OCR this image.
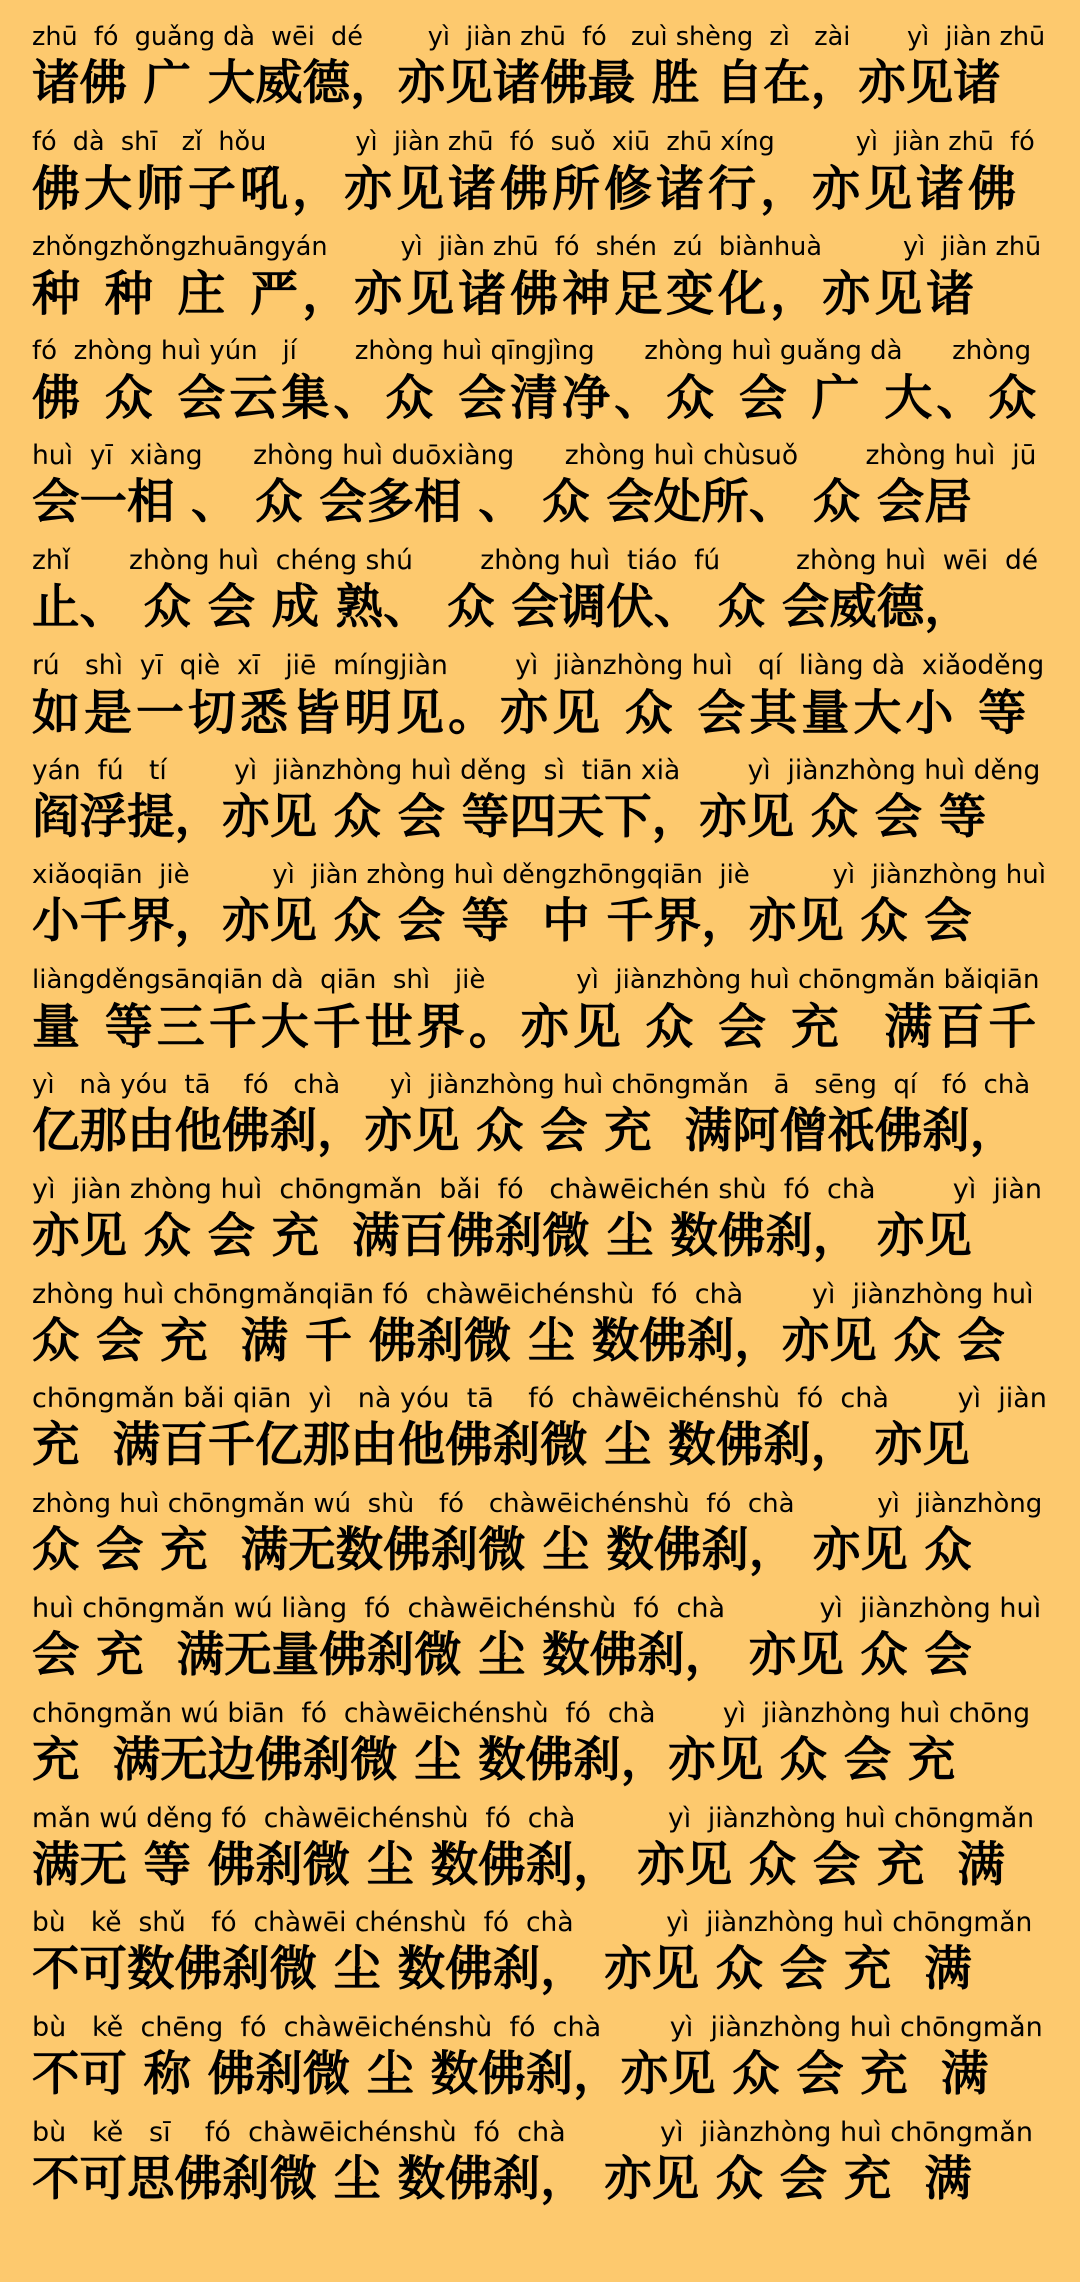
zhū  fó  guǎng dà  wēi  dé        yì  jiàn zhū  fó   zuì shèng  zì   zài       yì  jiàn zhū
诸佛 广 大威德，亦见诸佛最 胜 自在，亦见诸
fó  dà  shī   zǐ  hǒu           yì  jiàn zhū  fó  suǒ  xiū  zhū xíng          yì  jiàn zhū  fó
佛大师子吼，亦见诸佛所修诸行，亦见诸佛
zhǒngzhǒngzhuāngyán         yì  jiàn zhū  fó  shén  zú  biànhuà          yì  jiàn zhū
种 种 庄 严，亦见诸佛神足变化，亦见诸
fó  zhòng huì yún   jí       zhòng huì qīngjìng      zhòng huì guǎng dà      zhòng
佛 众 会云集、众 会清净、众 会 广 大、众
huì  yī  xiàng      zhòng huì duōxiàng      zhòng huì chùsuǒ        zhòng huì  jū
会一相 、 众 会多相 、 众 会处所、 众 会居
zhǐ       zhòng huì  chéng shú        zhòng huì  tiáo  fú         zhòng huì  wēi  dé
止、 众 会 成 熟、 众 会调伏、 众 会威德，
rú   shì  yī  qiè  xī   jiē  míngjiàn        yì  jiànzhòng huì   qí  liàng dà  xiǎoděng
如是一切悉皆明见。亦见 众 会其量大小 等
yán  fú   tí        yì  jiànzhòng huì děng  sì  tiān xià        yì  jiànzhòng huì děng
阎浮提，亦见 众 会 等四天下，亦见 众 会 等
xiǎoqiān  jiè          yì  jiàn zhòng huì děngzhōngqiān  jiè          yì  jiànzhòng huì
小千界，亦见 众 会 等  中 千界，亦见 众 会
liàngděngsānqiān dà  qiān  shì   jiè           yì  jiànzhòng huì chōngmǎn bǎiqiān
量 等三千大千世界。亦见 众 会 充  满百千
yì   nà yóu  tā    fó   chà      yì  jiànzhòng huì chōngmǎn   ā   sēng  qí   fó  chà
亿那由他佛刹，亦见 众 会 充  满阿僧祇佛刹，
yì  jiàn zhòng huì  chōngmǎn  bǎi  fó   chàwēichén shù  fó  chà         yì  jiàn
亦见 众 会 充  满百佛刹微 尘 数佛刹， 亦见
zhòng huì chōngmǎnqiān fó  chàwēichénshù  fó  chà        yì  jiànzhòng huì
众 会 充  满 千 佛刹微 尘 数佛刹，亦见 众 会
chōngmǎn bǎi qiān  yì   nà yóu  tā    fó  chàwēichénshù  fó  chà        yì  jiàn
充  满百千亿那由他佛刹微 尘 数佛刹， 亦见
zhòng huì chōngmǎn wú  shù   fó   chàwēichénshù  fó  chà          yì  jiànzhòng
众 会 充  满无数佛刹微 尘 数佛刹， 亦见 众
huì chōngmǎn wú liàng  fó  chàwēichénshù  fó  chà           yì  jiànzhòng huì
会 充  满无量佛刹微 尘 数佛刹， 亦见 众 会
chōngmǎn wú biān  fó  chàwēichénshù  fó  chà        yì  jiànzhòng huì chōng
充  满无边佛刹微 尘 数佛刹，亦见 众 会 充
mǎn wú děng fó  chàwēichénshù  fó  chà           yì  jiànzhòng huì chōngmǎn
满无 等 佛刹微 尘 数佛刹， 亦见 众 会 充  满
bù   kě  shǔ   fó  chàwēi chénshù  fó  chà           yì  jiànzhòng huì chōngmǎn
不可数佛刹微 尘 数佛刹， 亦见 众 会 充  满
bù   kě  chēng  fó  chàwēichénshù  fó  chà        yì  jiànzhòng huì chōngmǎn
不可 称 佛刹微 尘 数佛刹，亦见 众 会 充  满
bù   kě   sī    fó  chàwēichénshù  fó  chà           yì  jiànzhòng huì chōngmǎn
不可思佛刹微 尘 数佛刹， 亦见 众 会 充  满
